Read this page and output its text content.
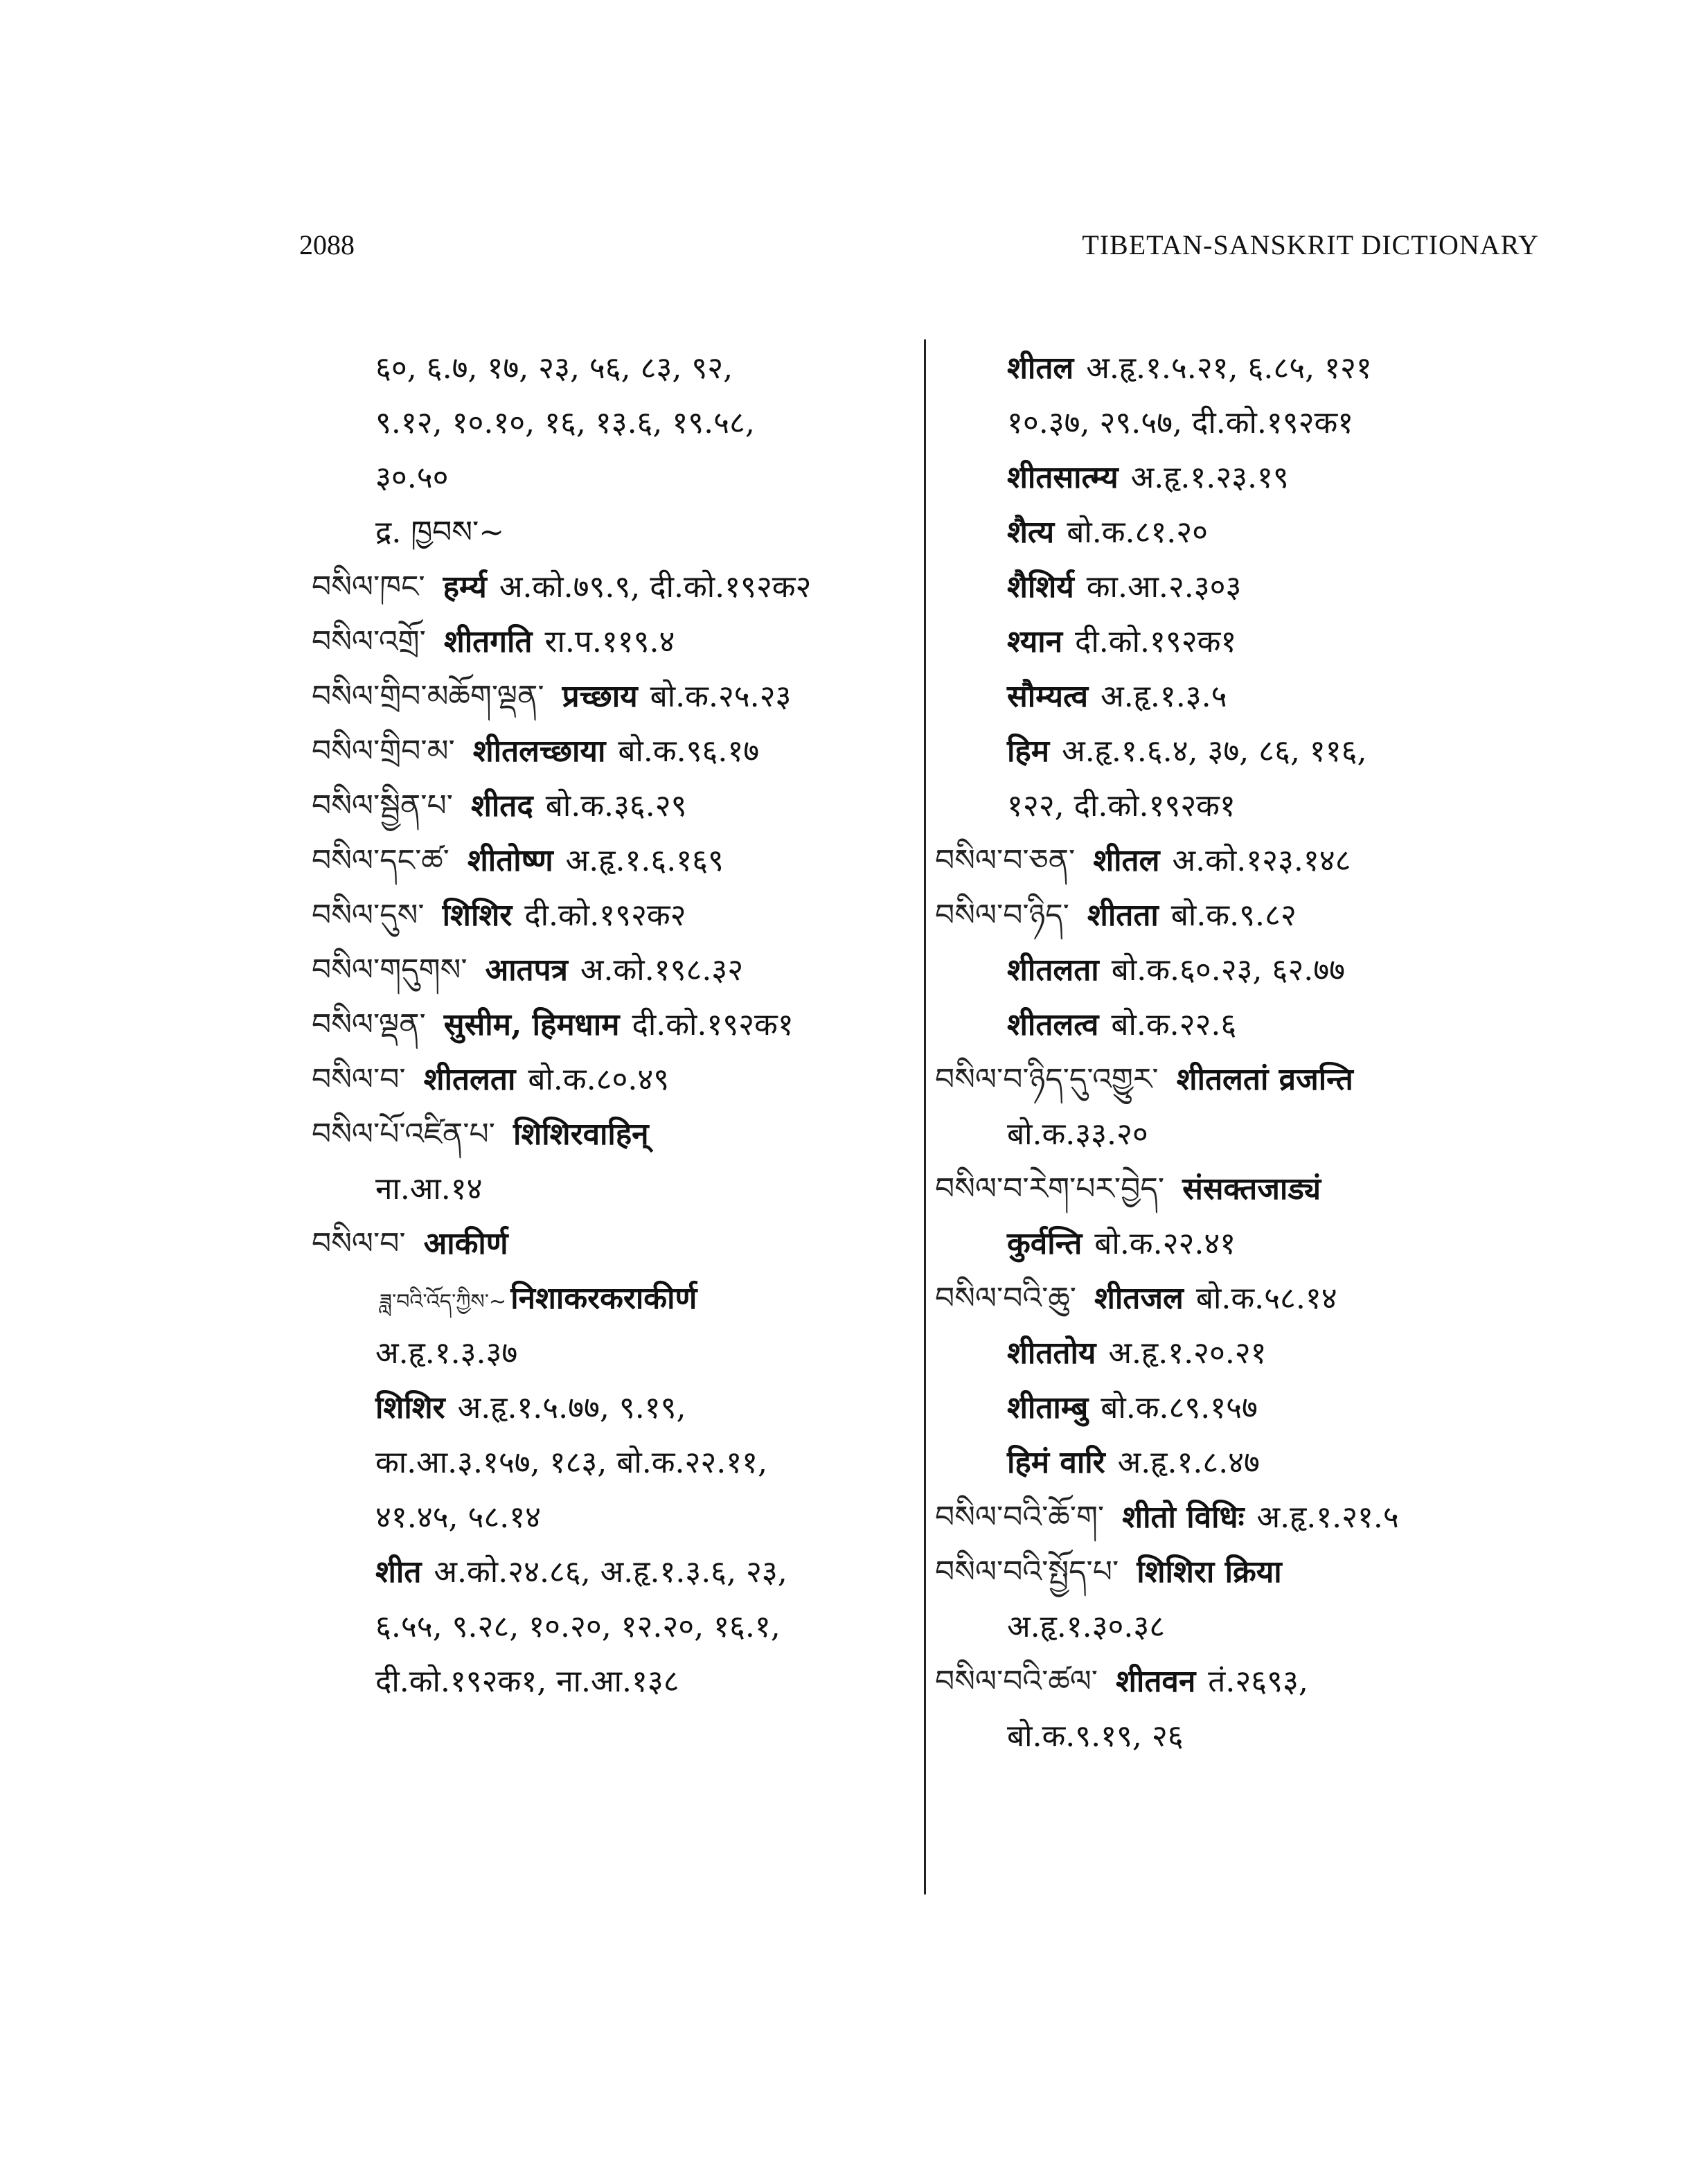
2088	TIBETAN-SANSKRIT DICTIONARY
६०, ६.७, १७, २३, ५६, ८३, ९२,
९.१२, १०.१०, १६, १३.६, १९.५८,
३०.५०
द्र. ཁྱབས་~
བསིལ་ཁང་ हर्म्य अ.को.७९.९, दी.को.१९२क२
བསིལ་འགྲོ་ शीतगति रा.प.११९.४
བསིལ་གྲིབ་མཆོག་ལྡན་ प्रच्छाय बो.क.२५.२३
བསིལ་གྲིབ་མ་ शीतलच्छाया बो.क.९६.१७
བསིལ་སྦྱིན་པ་ शीतद बो.क.३६.२९
བསིལ་དང་ཚ་ शीतोष्ण अ.हृ.१.६.१६९
བསིལ་དུས་ शिशिर दी.को.१९२क२
བསིལ་གདུགས་ आतपत्र अ.को.१९८.३२
བསིལ་ལྡན་ सुसीम, हिमधाम दी.को.१९२क१
བསིལ་བ་ शीतलता बो.क.८०.४९
བསིལ་པོ་འཛིན་པ་ शिशिरवाहिन्
ना.आ.१४
བསིལ་བ་ आकीर्ण
ཟླ་བའི་འོད་ཀྱིས་~ निशाकरकराकीर्ण
अ.हृ.१.३.३७
शिशिर अ.हृ.१.५.७७, ९.१९,
का.आ.३.१५७, १८३, बो.क.२२.११,
४१.४५, ५८.१४
शीत अ.को.२४.८६, अ.हृ.१.३.६, २३,
६.५५, ९.२८, १०.२०, १२.२०, १६.१,
दी.को.१९२क१, ना.आ.१३८
शीतल अ.हृ.१.५.२१, ६.८५, १२१
१०.३७, २९.५७, दी.को.१९२क१
शीतसात्म्य अ.हृ.१.२३.१९
शैत्य बो.क.८१.२०
शैशिर्य का.आ.२.३०३
श्यान दी.को.१९२क१
सौम्यत्व अ.हृ.१.३.५
हिम अ.हृ.१.६.४, ३७, ८६, ११६,
१२२, दी.को.१९२क१
བསིལ་བ་ཅན་ शीतल अ.को.१२३.१४८
བསིལ་བ་ཉིད་ शीतता बो.क.९.८२
शीतलता बो.क.६०.२३, ६२.७७
शीतलत्व बो.क.२२.६
བསིལ་བ་ཉིད་དུ་འགྱུར་ शीतलतां व्रजन्ति
बो.क.३३.२०
བསིལ་བ་རེག་པར་བྱེད་ संसक्तजाड्यं
कुर्वन्ति बो.क.२२.४१
བསིལ་བའི་ཆུ་ शीतजल बो.क.५८.१४
शीततोय अ.हृ.१.२०.२१
शीताम्बु बो.क.८९.१५७
हिमं वारि अ.हृ.१.८.४७
བསིལ་བའི་ཆོ་ག་ शीतो विधिः अ.हृ.१.२१.५
བསིལ་བའི་སྤྱོད་པ་ शिशिरा क्रिया
अ.हृ.१.३०.३८
བསིལ་བའི་ཚལ་ शीतवन तं.२६९३,
बो.क.९.१९, २६
